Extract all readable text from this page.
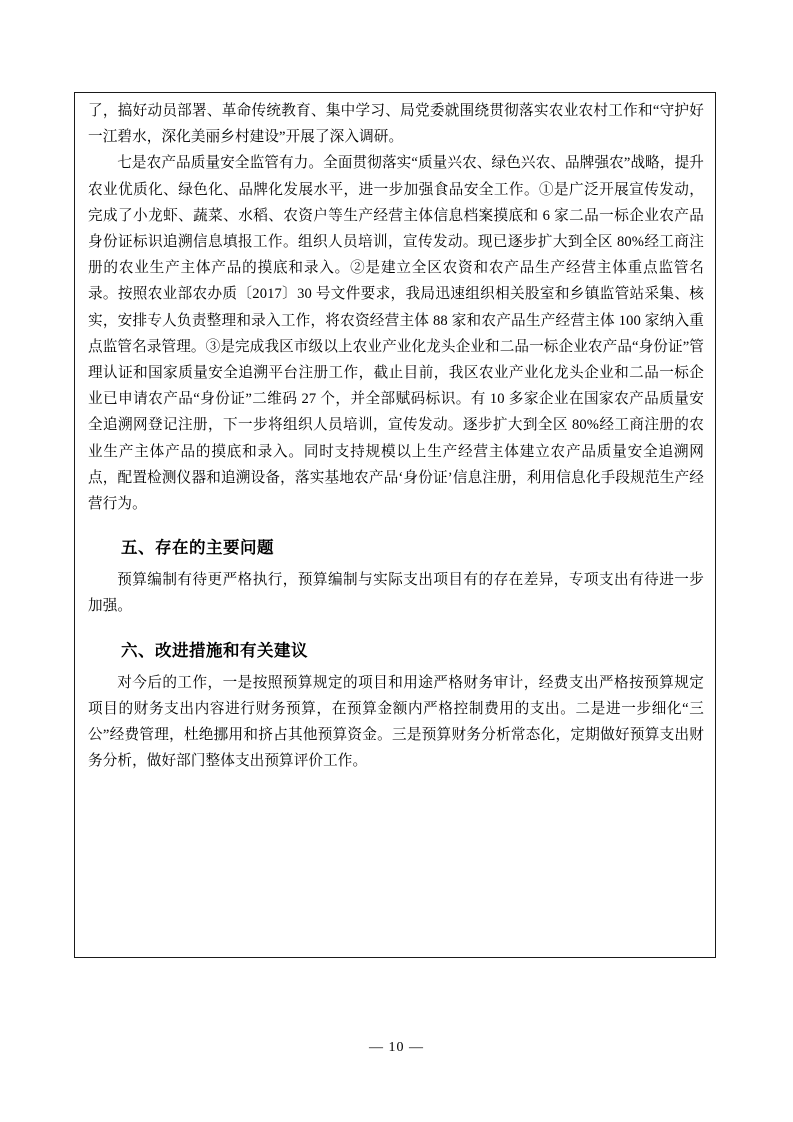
了，搞好动员部署、革命传统教育、集中学习、局党委就围绕贯彻落实农业农村工作和“守护好一江碧水，深化美丽乡村建设”开展了深入调研。

七是农产品质量安全监管有力。全面贯彻落实“质量兴农、绿色兴农、品牌强农”战略，提升农业优质化、绿色化、品牌化发展水平，进一步加强食品安全工作。①是广泛开展宣传发动，完成了小龙虾、蔬菜、水稻、农资户等生产经营主体信息档案摸底和 6 家二品一标企业农产品身份证标识追溯信息填报工作。组织人员培训，宣传发动。现已逐步扩大到全区 80%经工商注册的农业生产主体产品的摸底和录入。②是建立全区农资和农产品生产经营主体重点监管名录。按照农业部农办质〔2017〕30 号文件要求，我局迅速组织相关股室和乡镇监管站采集、核实，安排专人负责整理和录入工作，将农资经营主体 88 家和农产品生产经营主体 100 家纳入重点监管名录管理。③是完成我区市级以上农业产业化龙头企业和二品一标企业农产品“身份证”管理认证和国家质量安全追溯平台注册工作，截止目前，我区农业产业化龙头企业和二品一标企业已申请农产品“身份证”二维码 27 个，并全部赋码标识。有 10 多家企业在国家农产品质量安全追溯网登记注册，下一步将组织人员培训，宣传发动。逐步扩大到全区 80%经工商注册的农业生产主体产品的摸底和录入。同时支持规模以上生产经营主体建立农产品质量安全追溯网点，配置检测仪器和追溯设备，落实基地农产品‘身份证’信息注册，利用信息化手段规范生产经营行为。

五、存在的主要问题

预算编制有待更严格执行，预算编制与实际支出项目有的存在差异，专项支出有待进一步加强。

六、改进措施和有关建议

对今后的工作，一是按照预算规定的项目和用途严格财务审计，经费支出严格按预算规定项目的财务支出内容进行财务预算，在预算金额内严格控制费用的支出。二是进一步细化“三公”经费管理，杜绝挪用和挤占其他预算资金。三是预算财务分析常态化，定期做好预算支出财务分析，做好部门整体支出预算评价工作。

— 10 —
